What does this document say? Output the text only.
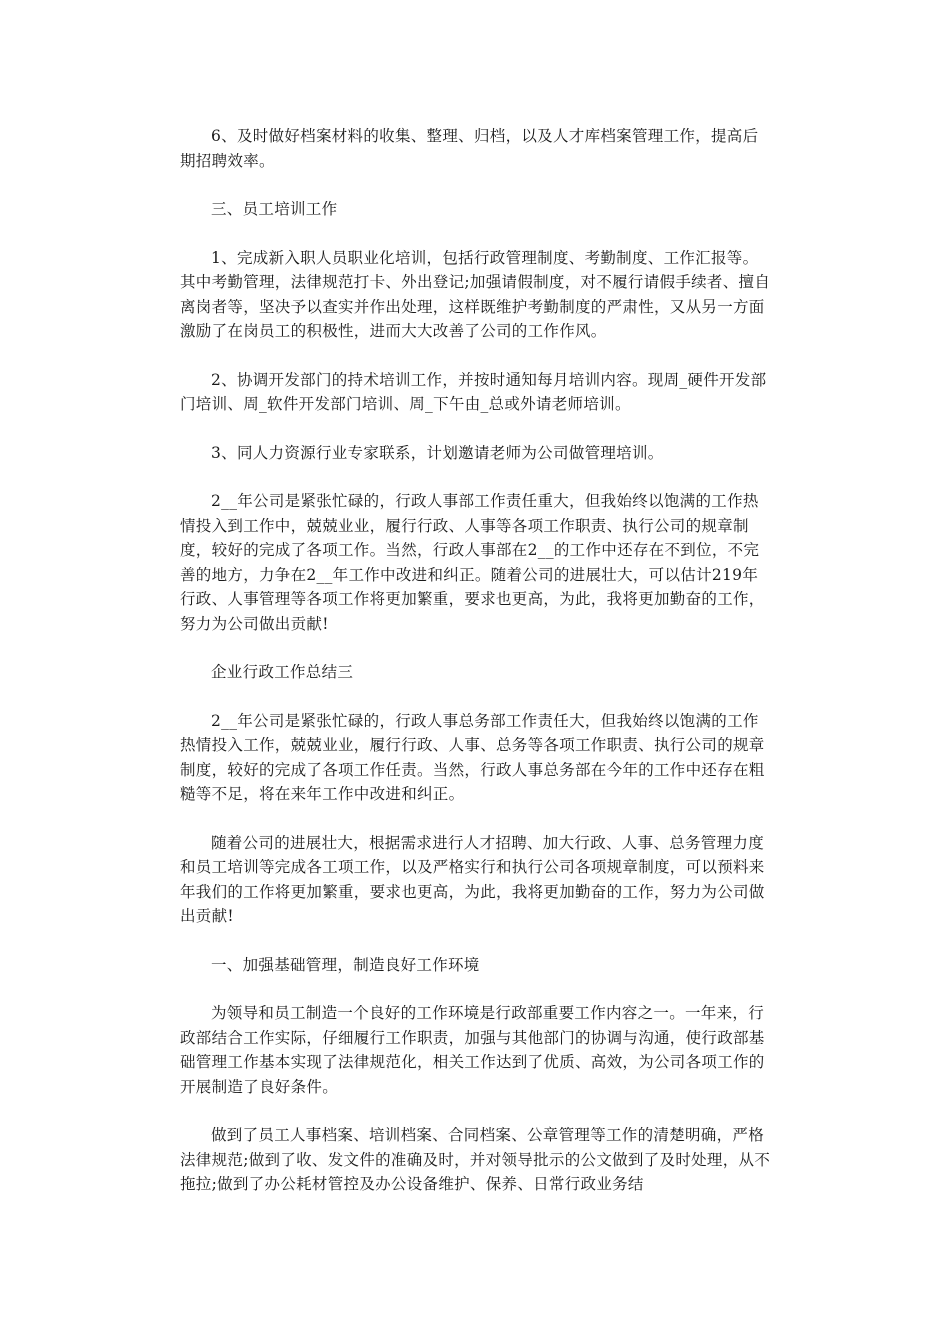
6、及时做好档案材料的收集、整理、归档，以及人才库档案管理工作，提高后期招聘效率。

三、员工培训工作

1、完成新入职人员职业化培训，包括行政管理制度、考勤制度、工作汇报等。其中考勤管理，法律规范打卡、外出登记;加强请假制度，对不履行请假手续者、擅自离岗者等，坚决予以查实并作出处理，这样既维护考勤制度的严肃性，又从另一方面激励了在岗员工的积极性，进而大大改善了公司的工作作风。

2、协调开发部门的持术培训工作，并按时通知每月培训内容。现周_硬件开发部门培训、周_软件开发部门培训、周_下午由_总或外请老师培训。

3、同人力资源行业专家联系，计划邀请老师为公司做管理培训。

2__年公司是紧张忙碌的，行政人事部工作责任重大，但我始终以饱满的工作热情投入到工作中，兢兢业业，履行行政、人事等各项工作职责、执行公司的规章制度，较好的完成了各项工作。当然，行政人事部在2__的工作中还存在不到位，不完善的地方，力争在2__年工作中改进和纠正。随着公司的进展壮大，可以估计219年行政、人事管理等各项工作将更加繁重，要求也更高，为此，我将更加勤奋的工作，努力为公司做出贡献!

企业行政工作总结三

2__年公司是紧张忙碌的，行政人事总务部工作责任大，但我始终以饱满的工作热情投入工作，兢兢业业，履行行政、人事、总务等各项工作职责、执行公司的规章制度，较好的完成了各项工作任责。当然，行政人事总务部在今年的工作中还存在粗糙等不足，将在来年工作中改进和纠正。

随着公司的进展壮大，根据需求进行人才招聘、加大行政、人事、总务管理力度和员工培训等完成各工项工作，以及严格实行和执行公司各项规章制度，可以预料来年我们的工作将更加繁重，要求也更高，为此，我将更加勤奋的工作，努力为公司做出贡献!

一、加强基础管理，制造良好工作环境

为领导和员工制造一个良好的工作环境是行政部重要工作内容之一。一年来，行政部结合工作实际，仔细履行工作职责，加强与其他部门的协调与沟通，使行政部基础管理工作基本实现了法律规范化，相关工作达到了优质、高效，为公司各项工作的开展制造了良好条件。

做到了员工人事档案、培训档案、合同档案、公章管理等工作的清楚明确，严格法律规范;做到了收、发文件的准确及时，并对领导批示的公文做到了及时处理，从不拖拉;做到了办公耗材管控及办公设备维护、保养、日常行政业务结
